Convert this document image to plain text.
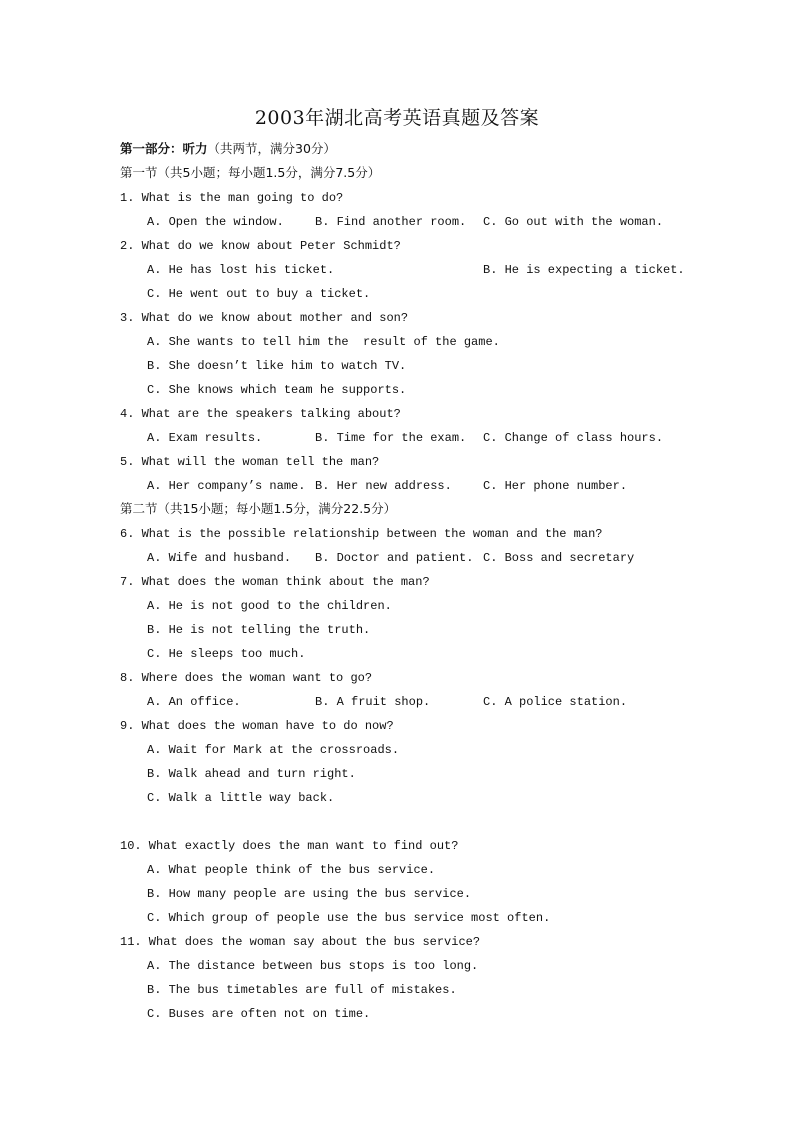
2003年湖北高考英语真题及答案
第一部分：听力（共两节，满分30分）
第一节（共5小题；每小题1.5分，满分7.5分）
1. What is the man going to do?
A. Open the window.	B. Find another room. C. Go out with the woman.
2. What do we know about Peter Schmidt?
A. He has lost his ticket.	B. He is expecting a ticket.
C. He went out to buy a ticket.
3. What do we know about mother and son?
A. She wants to tell him the  result of the game.
B. She doesn’t like him to watch TV.
C. She knows which team he supports.
4. What are the speakers talking about?
A. Exam results.	B. Time for the exam. C. Change of class hours.
5. What will the woman tell the man?
A. Her company’s name. B. Her new address.	C. Her phone number.
第二节（共15小题；每小题1.5分，满分22.5分）
6. What is the possible relationship between the woman and the man?
A. Wife and husband. B. Doctor and patient. C. Boss and secretary
7. What does the woman think about the man?
A. He is not good to the children.
B. He is not telling the truth.
C. He sleeps too much.
8. Where does the woman want to go?
A. An office.	B. A fruit shop.	C. A police station.
9. What does the woman have to do now?
A. Wait for Mark at the crossroads.
B. Walk ahead and turn right.
C. Walk a little way back.
10. What exactly does the man want to find out?
A. What people think of the bus service.
B. How many people are using the bus service.
C. Which group of people use the bus service most often.
11. What does the woman say about the bus service?
A. The distance between bus stops is too long.
B. The bus timetables are full of mistakes.
C. Buses are often not on time.
